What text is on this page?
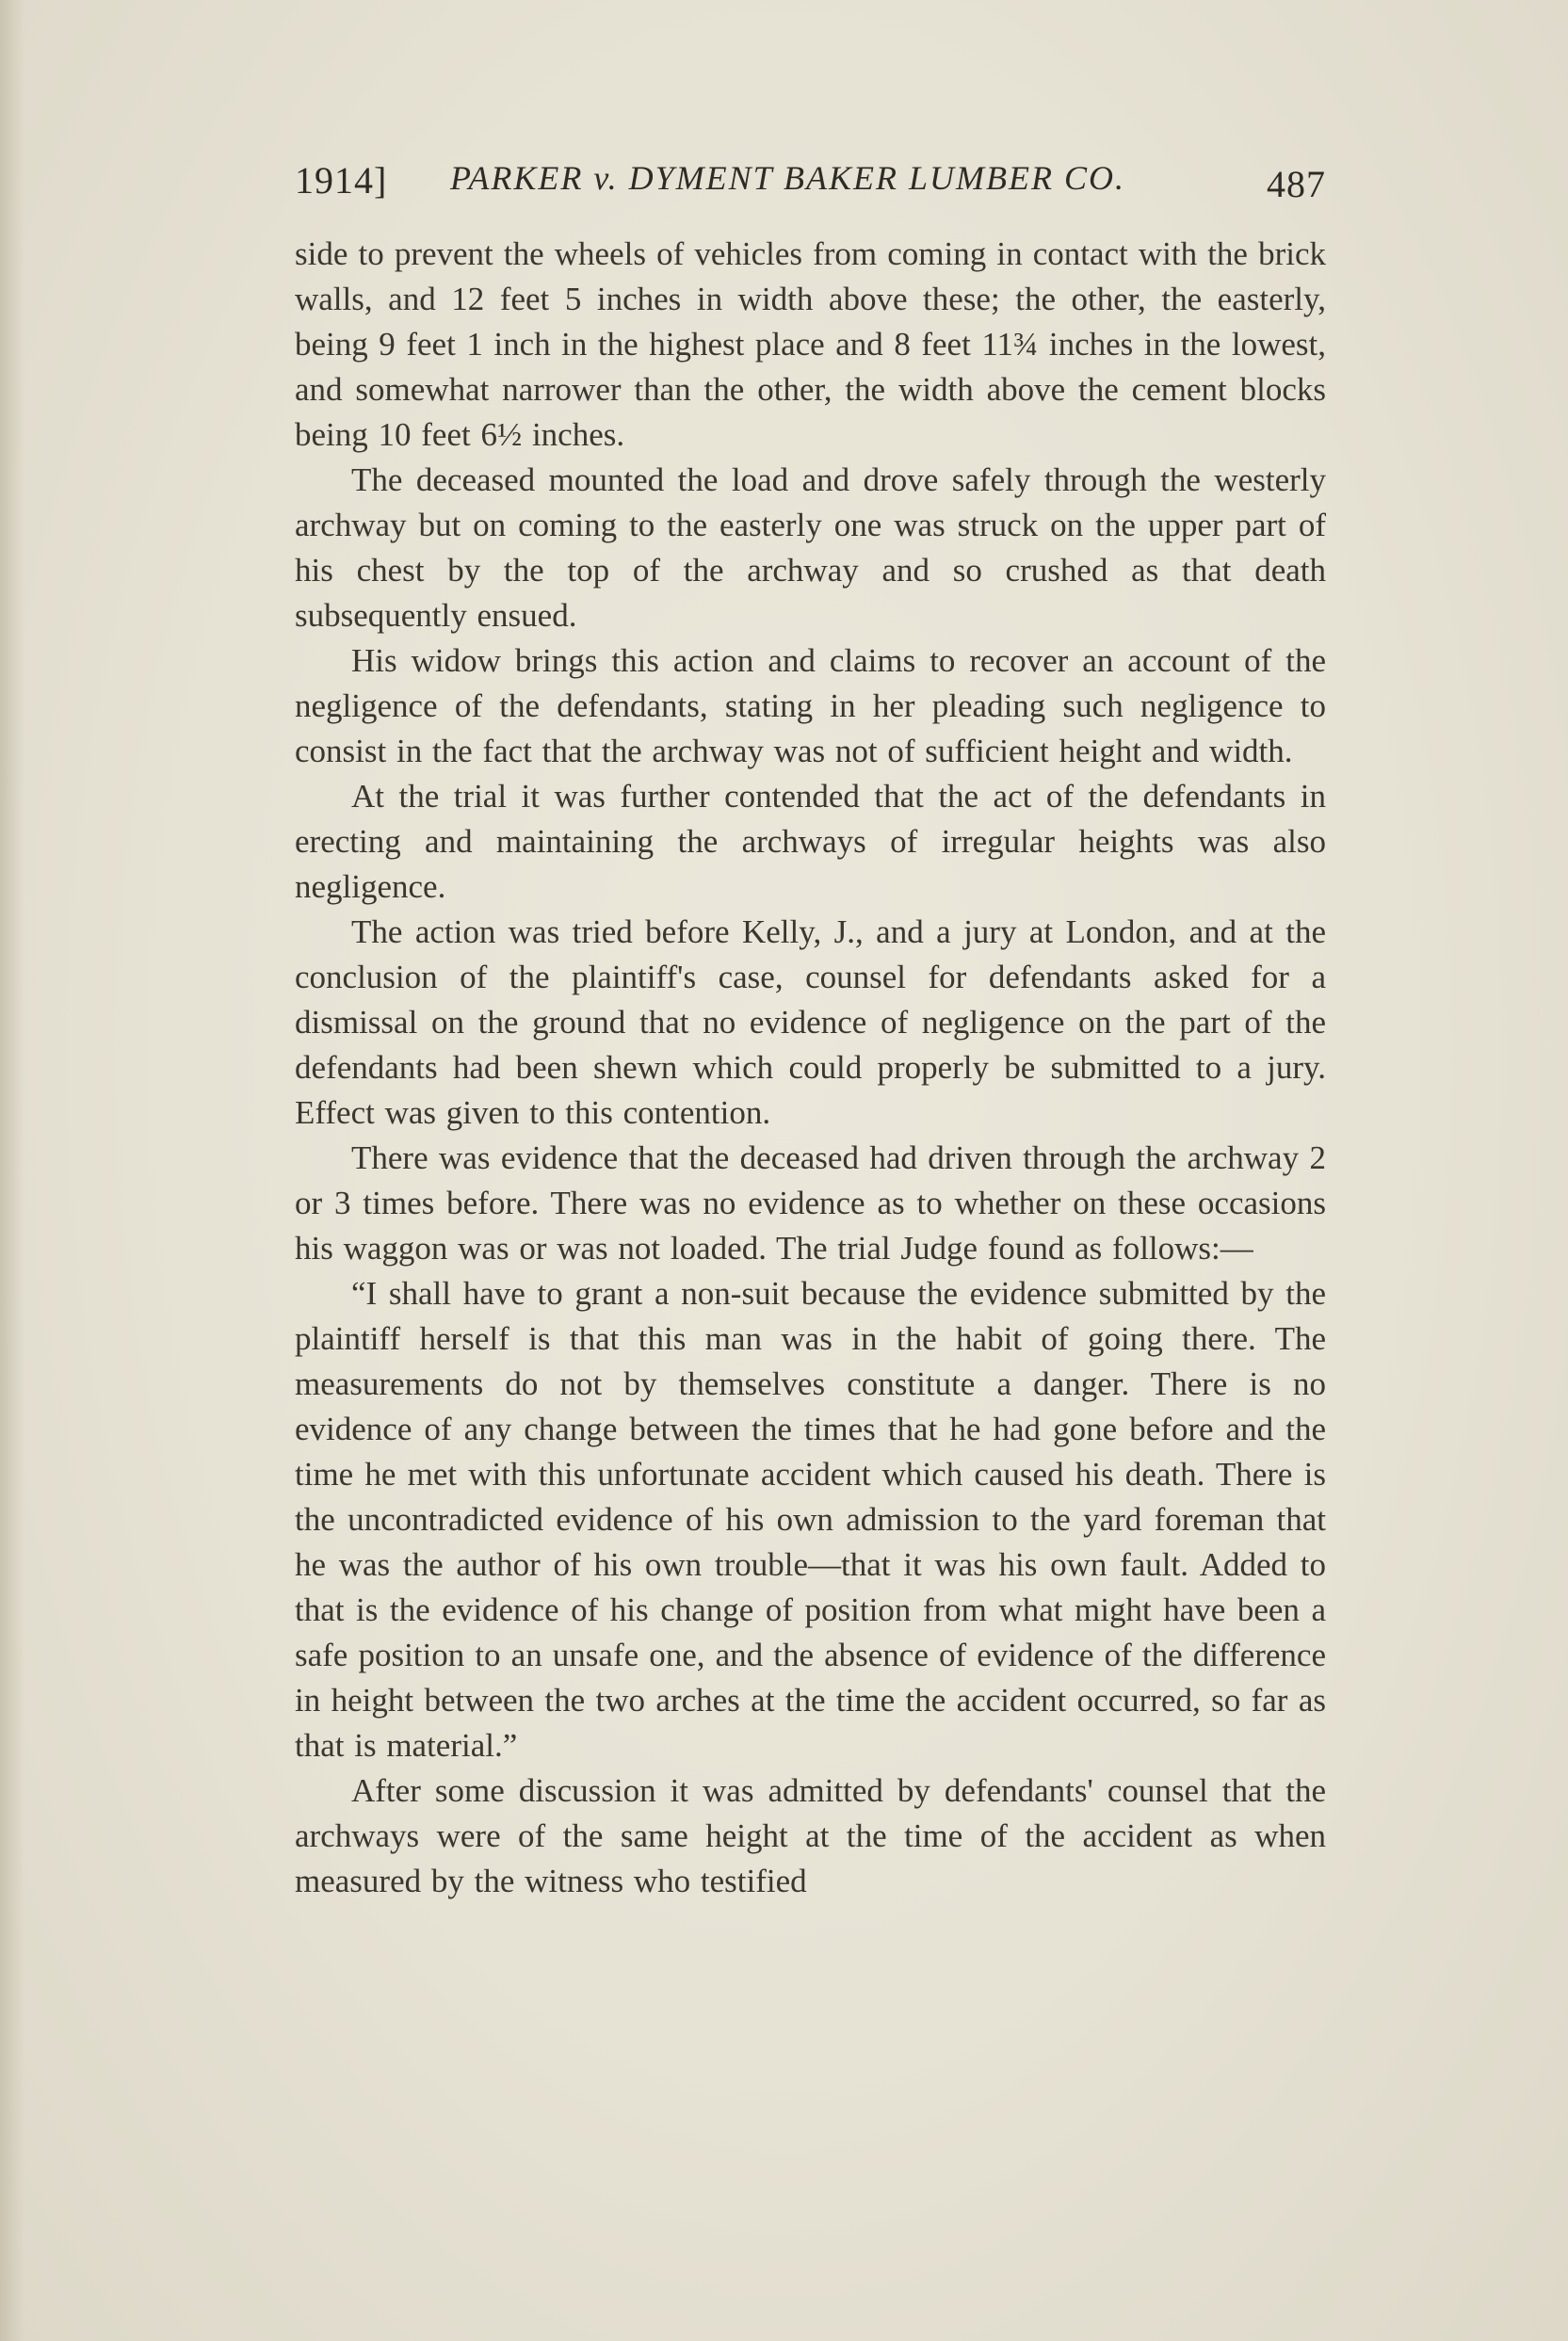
1914] PARKER v. DYMENT BAKER LUMBER CO.	487

side to prevent the wheels of vehicles from coming in contact with the brick walls, and 12 feet 5 inches in width above these; the other, the easterly, being 9 feet 1 inch in the highest place and 8 feet 11¾ inches in the lowest, and somewhat narrower than the other, the width above the cement blocks being 10 feet 6½ inches.

The deceased mounted the load and drove safely through the westerly archway but on coming to the easterly one was struck on the upper part of his chest by the top of the archway and so crushed as that death subsequently ensued.

His widow brings this action and claims to recover an account of the negligence of the defendants, stating in her pleading such negligence to consist in the fact that the archway was not of sufficient height and width.

At the trial it was further contended that the act of the defendants in erecting and maintaining the archways of irregular heights was also negligence.

The action was tried before Kelly, J., and a jury at London, and at the conclusion of the plaintiff's case, counsel for defendants asked for a dismissal on the ground that no evidence of negligence on the part of the defendants had been shewn which could properly be submitted to a jury. Effect was given to this contention.

There was evidence that the deceased had driven through the archway 2 or 3 times before. There was no evidence as to whether on these occasions his waggon was or was not loaded. The trial Judge found as follows:—

“I shall have to grant a non-suit because the evidence submitted by the plaintiff herself is that this man was in the habit of going there. The measurements do not by themselves constitute a danger. There is no evidence of any change between the times that he had gone before and the time he met with this unfortunate accident which caused his death. There is the uncontradicted evidence of his own admission to the yard foreman that he was the author of his own trouble—that it was his own fault. Added to that is the evidence of his change of position from what might have been a safe position to an unsafe one, and the absence of evidence of the difference in height between the two arches at the time the accident occurred, so far as that is material.”

After some discussion it was admitted by defendants' counsel that the archways were of the same height at the time of the accident as when measured by the witness who testified
